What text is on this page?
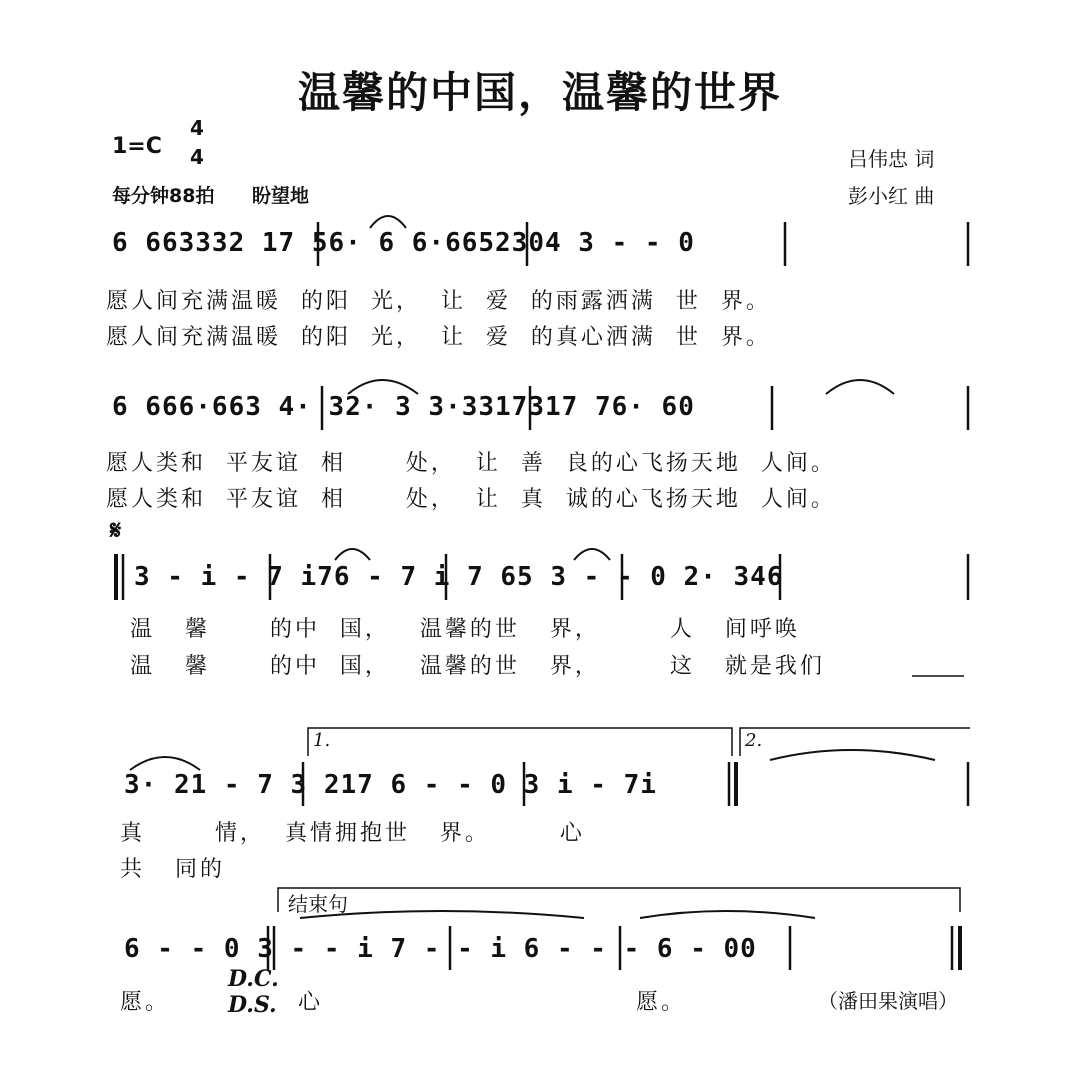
温馨的中国，温馨的世界
1=C
4
4
每分钟88拍 盼望地
吕伟忠 词
彭小红 曲
6 663332 17 56· 6 6·6652304 3 - - 0
愿人间充满温暖  的阳  光，  让  爱  的雨露洒满  世  界。
愿人间充满温暖  的阳  光，  让  爱  的真心洒满  世  界。
6 666·663 4· 32· 3 3·3317317 76· 60
愿人类和  平友谊  相      处，  让  善  良的心飞扬天地  人间。
愿人类和  平友谊  相      处，  让  真  诚的心飞扬天地  人间。
𝄋
3 - i - 7 i76 - 7 i 7 65 3 - - 0 2· 346
温   馨      的中  国，   温馨的世   界，       人   间呼唤
温   馨      的中  国，   温馨的世   界，       这   就是我们
1.	2.
3· 21 - 7 3 217 6 - - 0 3 i - 7i
真       情，  真情拥抱世   界。       心
共   同的
结束句
6 - - 0 3 - - i 7 - - i 6 - - - 6 - 00
愿。
D.C.
D.S. 心	愿。	（潘田果演唱）
